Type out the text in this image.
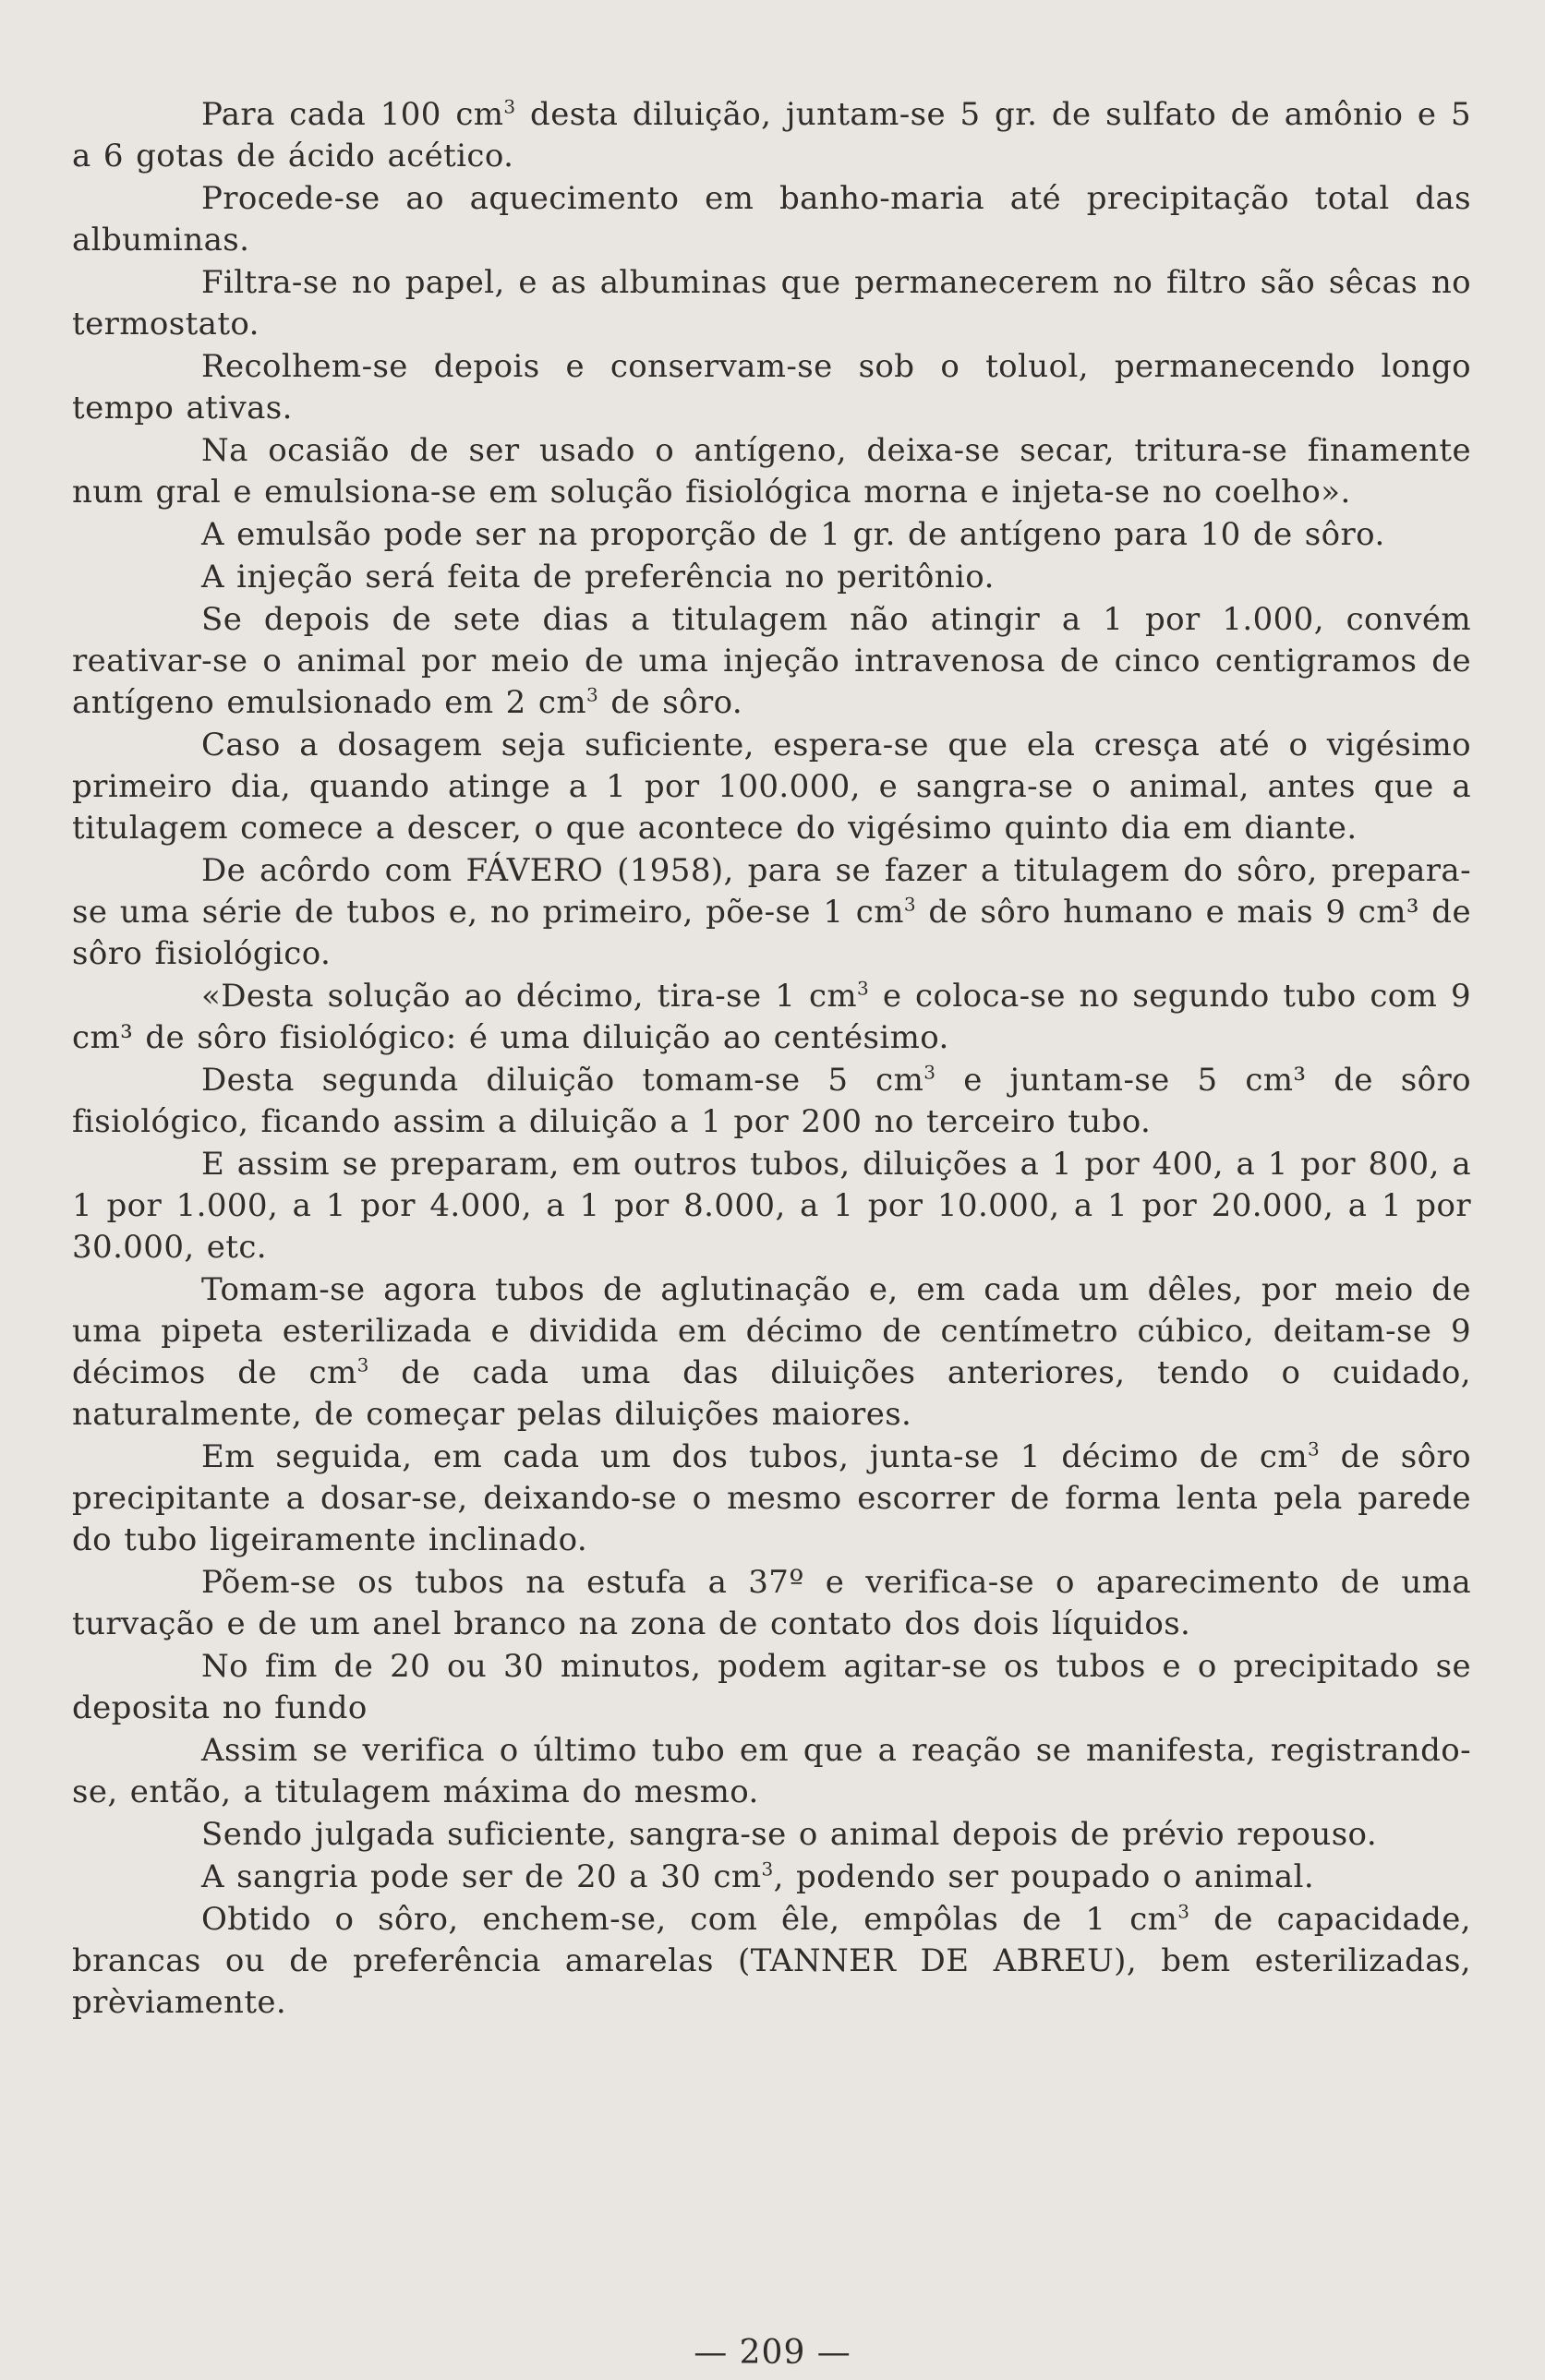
Para cada 100 $cm^3$ desta diluição, juntam-se 5 gr. de sulfato de amônio e 5 a 6 gotas de ácido acético.

Procede-se ao aquecimento em banho-maria até precipitação total das albuminas.

Filtra-se no papel, e as albuminas que permanecerem no filtro são sêcas no termostato.

Recolhem-se depois e conservam-se sob o toluol, permanecendo longo tempo ativas.

Na ocasião de ser usado o antígeno, deixa-se secar, tritura-se finamente num gral e emulsiona-se em solução fisiológica morna e injeta-se no coelho».

A emulsão pode ser na proporção de 1 gr. de antígeno para 10 de sôro.

A injeção será feita de preferência no peritônio.

Se depois de sete dias a titulagem não atingir a 1 por 1.000, convém reativar-se o animal por meio de uma injeção intravenosa de cinco centigramos de antígeno emulsionado em 2 $cm^3$ de sôro.

Caso a dosagem seja suficiente, espera-se que ela cresça até o vigésimo primeiro dia, quando atinge a 1 por 100.000, e sangra-se o animal, antes que a titulagem comece a descer, o que acontece do vigésimo quinto dia em diante.

De acôrdo com FÁVERO (1958), para se fazer a titulagem do sôro, prepara-se uma série de tubos e, no primeiro, põe-se 1 $cm^3$ de sôro humano e mais 9 cm³ de sôro fisiológico.

«Desta solução ao décimo, tira-se 1 $cm^3$ e coloca-se no segundo tubo com 9 cm³ de sôro fisiológico: é uma diluição ao centésimo.

Desta segunda diluição tomam-se 5 $cm^3$ e juntam-se 5 cm³ de sôro fisiológico, ficando assim a diluição a 1 por 200 no terceiro tubo.

E assim se preparam, em outros tubos, diluições a 1 por 400, a 1 por 800, a 1 por 1.000, a 1 por 4.000, a 1 por 8.000, a 1 por 10.000, a 1 por 20.000, a 1 por 30.000, etc.

Tomam-se agora tubos de aglutinação e, em cada um dêles, por meio de uma pipeta esterilizada e dividida em décimo de centímetro cúbico, deitam-se 9 décimos de $cm^3$ de cada uma das diluições anteriores, tendo o cuidado, naturalmente, de começar pelas diluições maiores.

Em seguida, em cada um dos tubos, junta-se 1 décimo de $cm^3$ de sôro precipitante a dosar-se, deixando-se o mesmo escorrer de forma lenta pela parede do tubo ligeiramente inclinado.

Põem-se os tubos na estufa a 37º e verifica-se o aparecimento de uma turvação e de um anel branco na zona de contato dos dois líquidos.

No fim de 20 ou 30 minutos, podem agitar-se os tubos e o precipitado se deposita no fundo

Assim se verifica o último tubo em que a reação se manifesta, registrando-se, então, a titulagem máxima do mesmo.

Sendo julgada suficiente, sangra-se o animal depois de prévio repouso.

A sangria pode ser de 20 a 30 $cm^3$, podendo ser poupado o animal.

Obtido o sôro, enchem-se, com êle, empôlas de 1 $cm^3$ de capacidade, brancas ou de preferência amarelas (TANNER DE ABREU), bem esterilizadas, prèviamente.

— 209 —
